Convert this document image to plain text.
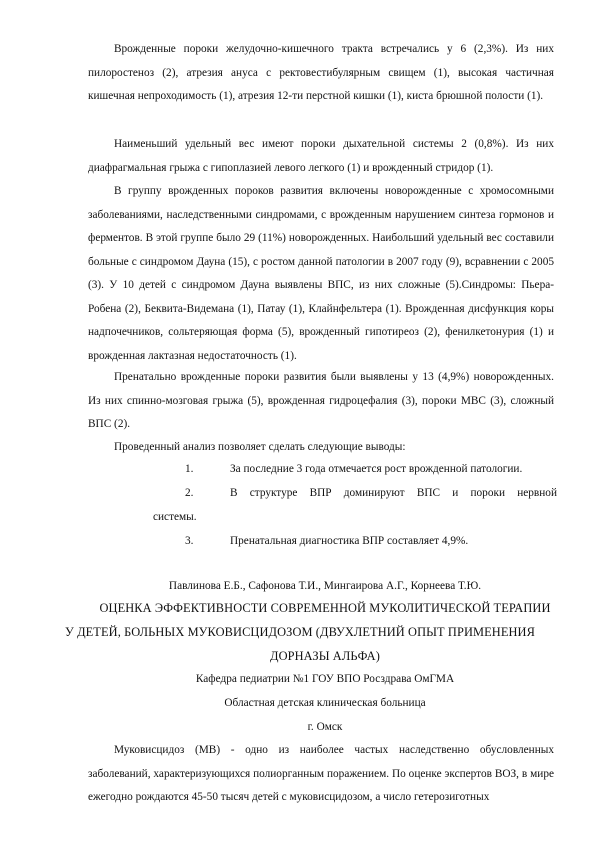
Врожденные пороки желудочно-кишечного тракта встречались у 6 (2,3%). Из них пилоростеноз (2), атрезия ануса с ректовестибулярным свищем (1), высокая частичная кишечная непроходимость (1), атрезия 12-ти перстной кишки (1), киста брюшной полости (1).

Наименьший удельный вес имеют пороки дыхательной системы 2 (0,8%). Из них диафрагмальная грыжа с гипоплазией левого легкого (1) и врожденный стридор (1).

В группу врожденных пороков развития включены новорожденные с хромосомными заболеваниями, наследственными синдромами, с врожденным нарушением синтеза гормонов и ферментов. В этой группе было 29 (11%) новорожденных. Наибольший удельный вес составили больные с синдромом Дауна (15), с ростом данной патологии в 2007 году (9), всравнении с 2005 (3). У 10 детей с синдромом Дауна выявлены ВПС, из них сложные (5).Синдромы: Пьера-Робена (2), Беквита-Видемана (1), Патау (1), Клайнфельтера (1). Врожденная дисфункция коры надпочечников, сольтеряющая форма (5), врожденный гипотиреоз (2), фенилкетонурия (1) и врожденная лактазная недостаточность (1).

Пренатально врожденные пороки развития были выявлены у 13 (4,9%) новорожденных. Из них спинно-мозговая грыжа (5), врожденная гидроцефалия (3), пороки МВС (3), сложный ВПС (2).

Проведенный анализ позволяет сделать следующие выводы:

1.	За последние 3 года отмечается рост врожденной патологии.
2.	В структуре ВПР доминируют ВПС и пороки нервной
системы.
3.	Пренатальная диагностика ВПР составляет 4,9%.
Павлинова Е.Б., Сафонова Т.И., Мингаирова А.Г., Корнеева Т.Ю.
ОЦЕНКА ЭФФЕКТИВНОСТИ СОВРЕМЕННОЙ МУКОЛИТИЧЕСКОЙ ТЕРАПИИ
У ДЕТЕЙ, БОЛЬНЫХ МУКОВИСЦИДОЗОМ (ДВУХЛЕТНИЙ ОПЫТ ПРИМЕНЕНИЯ
ДОРНАЗЫ АЛЬФА)
Кафедра педиатрии №1 ГОУ ВПО Росздрава ОмГМА
Областная детская клиническая больница
г. Омск

Муковисцидоз (МВ) - одно из наиболее частых наследственно обусловленных заболеваний, характеризующихся полиорганным поражением. По оценке экспертов ВОЗ, в мире ежегодно рождаются 45-50 тысяч детей с муковисцидозом, а число гетерозиготных
